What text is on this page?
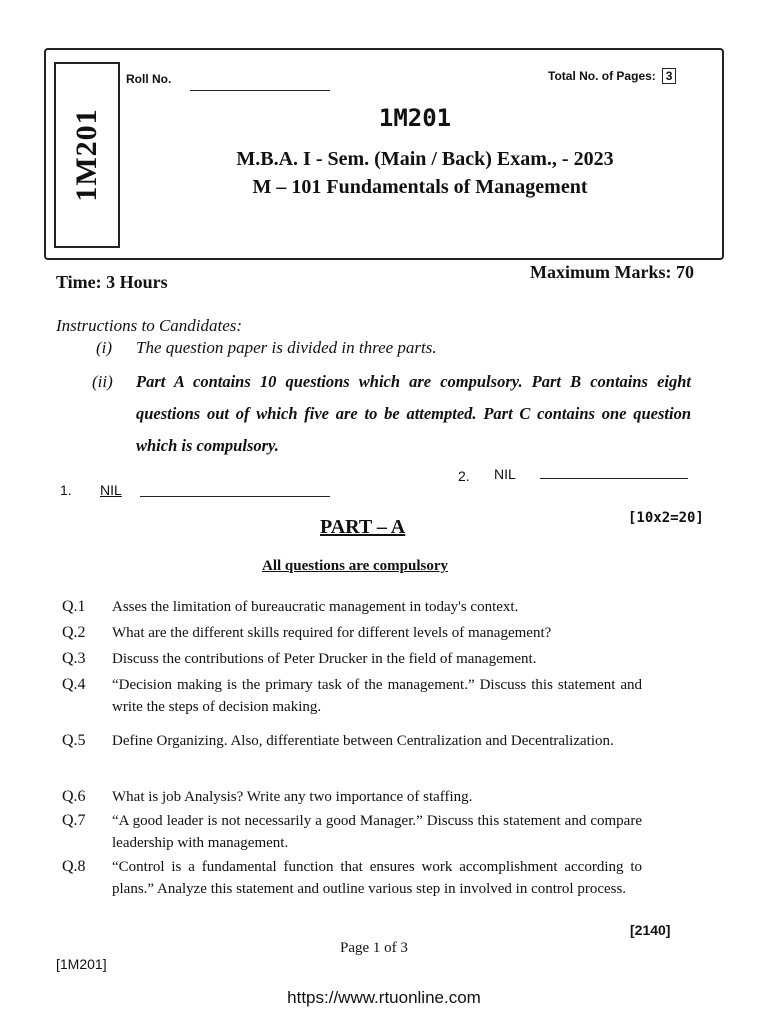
1M201
Roll No.	Total No. of Pages: 3
1M201
M.B.A. I - Sem. (Main / Back) Exam., - 2023
M – 101 Fundamentals of Management
Time: 3 Hours	Maximum Marks: 70
Instructions to Candidates:
(i) The question paper is divided in three parts.
(ii) Part A contains 10 questions which are compulsory. Part B contains eight questions out of which five are to be attempted. Part C contains one question which is compulsory.
1. NIL
2. NIL
PART – A	[10x2=20]
All questions are compulsory
Q.1	Asses the limitation of bureaucratic management in today's context.
Q.2	What are the different skills required for different levels of management?
Q.3	Discuss the contributions of Peter Drucker in the field of management.
Q.4	“Decision making is the primary task of the management.” Discuss this statement and write the steps of decision making.
Q.5	Define Organizing. Also, differentiate between Centralization and Decentralization.
Q.6	What is job Analysis? Write any two importance of staffing.
Q.7	“A good leader is not necessarily a good Manager.” Discuss this statement and compare leadership with management.
Q.8	“Control is a fundamental function that ensures work accomplishment according to plans.” Analyze this statement and outline various step in involved in control process.
[1M201]
Page 1 of 3
[2140]
https://www.rtuonline.com
